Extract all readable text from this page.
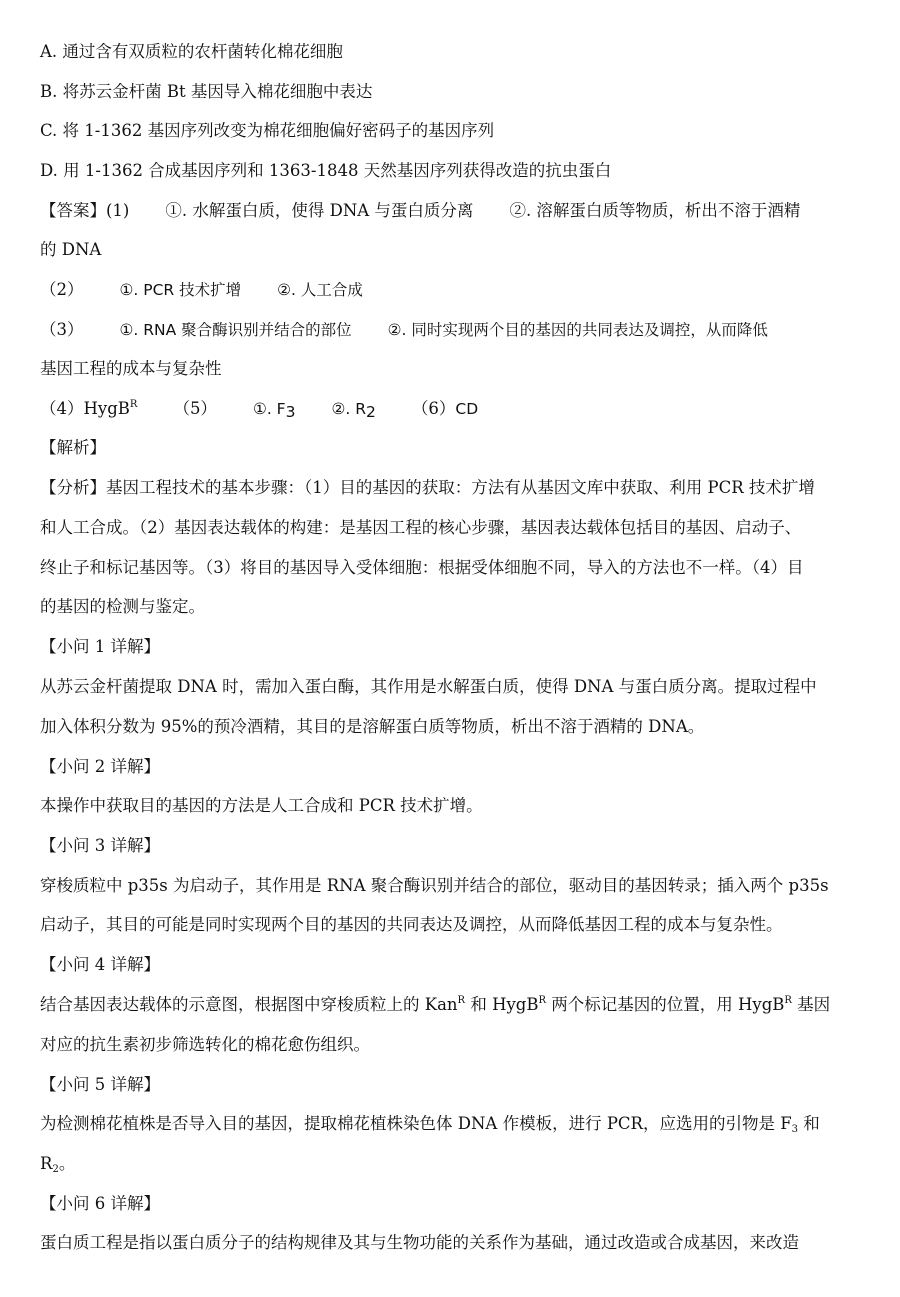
A. 通过含有双质粒的农杆菌转化棉花细胞
B. 将苏云金杆菌 Bt 基因导入棉花细胞中表达
C. 将 1-1362 基因序列改变为棉花细胞偏好密码子的基因序列
D. 用 1-1362 合成基因序列和 1363-1848 天然基因序列获得改造的抗虫蛋白
【答案】(1) ①. 水解蛋白质，使得 DNA 与蛋白质分离 ②. 溶解蛋白质等物质，析出不溶于酒精
的 DNA
（2） ①. PCR 技术扩增 ②. 人工合成
（3） ①. RNA 聚合酶识别并结合的部位 ②. 同时实现两个目的基因的共同表达及调控，从而降低
基因工程的成本与复杂性
（4）HygB$^R$ （5） ①. $F_3$ ②. $R_2$ （6）CD
【解析】
【分析】基因工程技术的基本步骤：（1）目的基因的获取：方法有从基因文库中获取、利用 PCR 技术扩增
和人工合成。（2）基因表达载体的构建：是基因工程的核心步骤，基因表达载体包括目的基因、启动子、
终止子和标记基因等。（3）将目的基因导入受体细胞：根据受体细胞不同，导入的方法也不一样。（4）目
的基因的检测与鉴定。
【小问 1 详解】
从苏云金杆菌提取 DNA 时，需加入蛋白酶，其作用是水解蛋白质，使得 DNA 与蛋白质分离。提取过程中
加入体积分数为 95%的预冷酒精，其目的是溶解蛋白质等物质，析出不溶于酒精的 DNA。
【小问 2 详解】
本操作中获取目的基因的方法是人工合成和 PCR 技术扩增。
【小问 3 详解】
穿梭质粒中 p35s 为启动子，其作用是 RNA 聚合酶识别并结合的部位，驱动目的基因转录；插入两个 p35s
启动子，其目的可能是同时实现两个目的基因的共同表达及调控，从而降低基因工程的成本与复杂性。
【小问 4 详解】
结合基因表达载体的示意图，根据图中穿梭质粒上的 Kan$^R$ 和 HygB$^R$ 两个标记基因的位置，用 HygB$^R$ 基因
对应的抗生素初步筛选转化的棉花愈伤组织。
【小问 5 详解】
为检测棉花植株是否导入目的基因，提取棉花植株染色体 DNA 作模板，进行 PCR，应选用的引物是 $F_3$ 和
$R_2$。
【小问 6 详解】
蛋白质工程是指以蛋白质分子的结构规律及其与生物功能的关系作为基础，通过改造或合成基因，来改造
